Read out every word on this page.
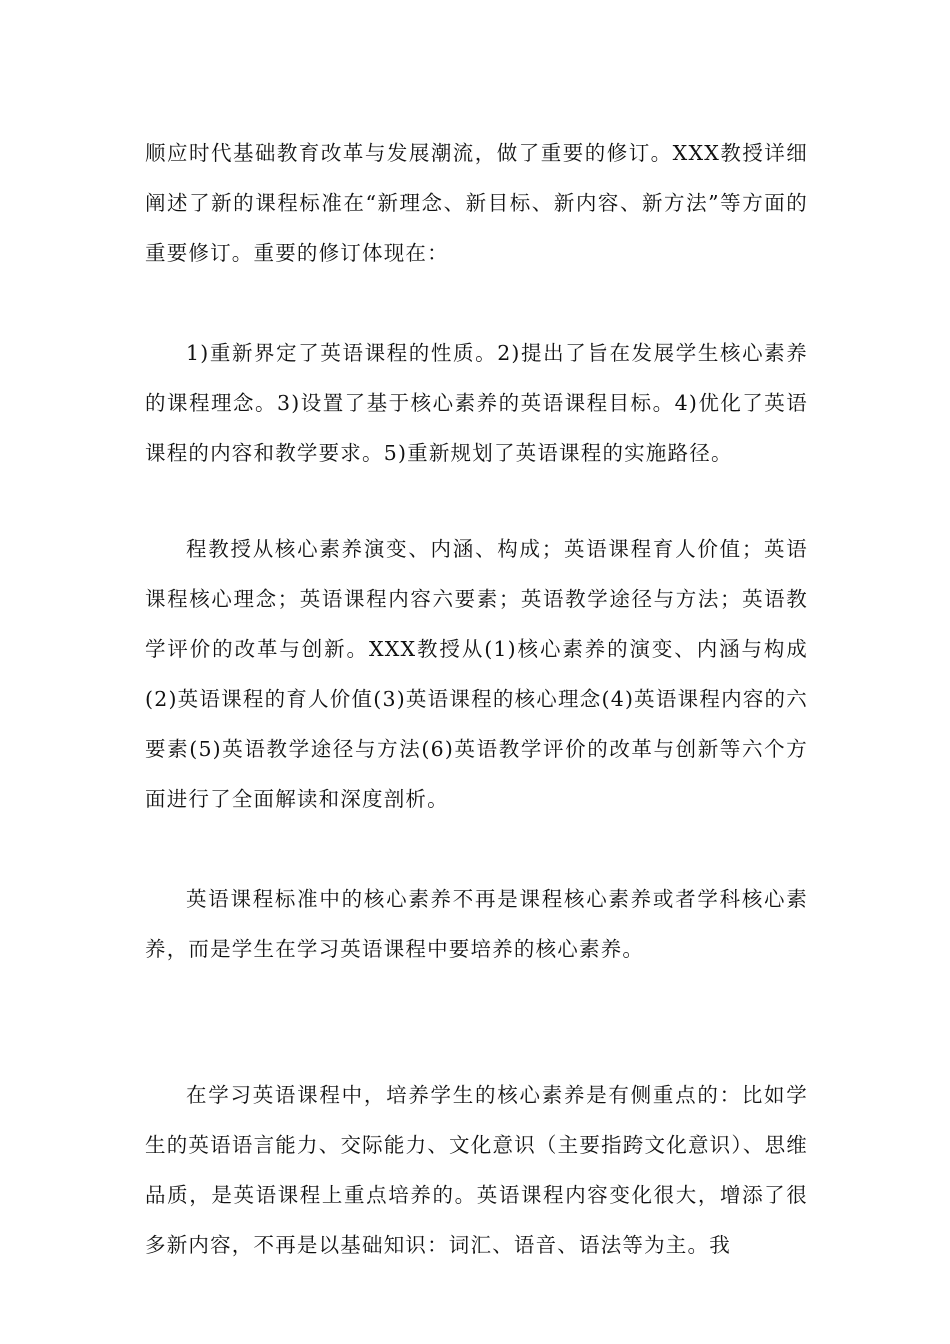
顺应时代基础教育改革与发展潮流，做了重要的修订。XXX教授详细阐述了新的课程标准在“新理念、新目标、新内容、新方法”等方面的重要修订。重要的修订体现在：

1)重新界定了英语课程的性质。2)提出了旨在发展学生核心素养的课程理念。3)设置了基于核心素养的英语课程目标。4)优化了英语课程的内容和教学要求。5)重新规划了英语课程的实施路径。

程教授从核心素养演变、内涵、构成；英语课程育人价值；英语课程核心理念；英语课程内容六要素；英语教学途径与方法；英语教学评价的改革与创新。XXX教授从(1)核心素养的演变、内涵与构成(2)英语课程的育人价值(3)英语课程的核心理念(4)英语课程内容的六要素(5)英语教学途径与方法(6)英语教学评价的改革与创新等六个方面进行了全面解读和深度剖析。

英语课程标准中的核心素养不再是课程核心素养或者学科核心素养，而是学生在学习英语课程中要培养的核心素养。

在学习英语课程中，培养学生的核心素养是有侧重点的：比如学生的英语语言能力、交际能力、文化意识（主要指跨文化意识）、思维品质，是英语课程上重点培养的。英语课程内容变化很大，增添了很多新内容，不再是以基础知识：词汇、语音、语法等为主。我
